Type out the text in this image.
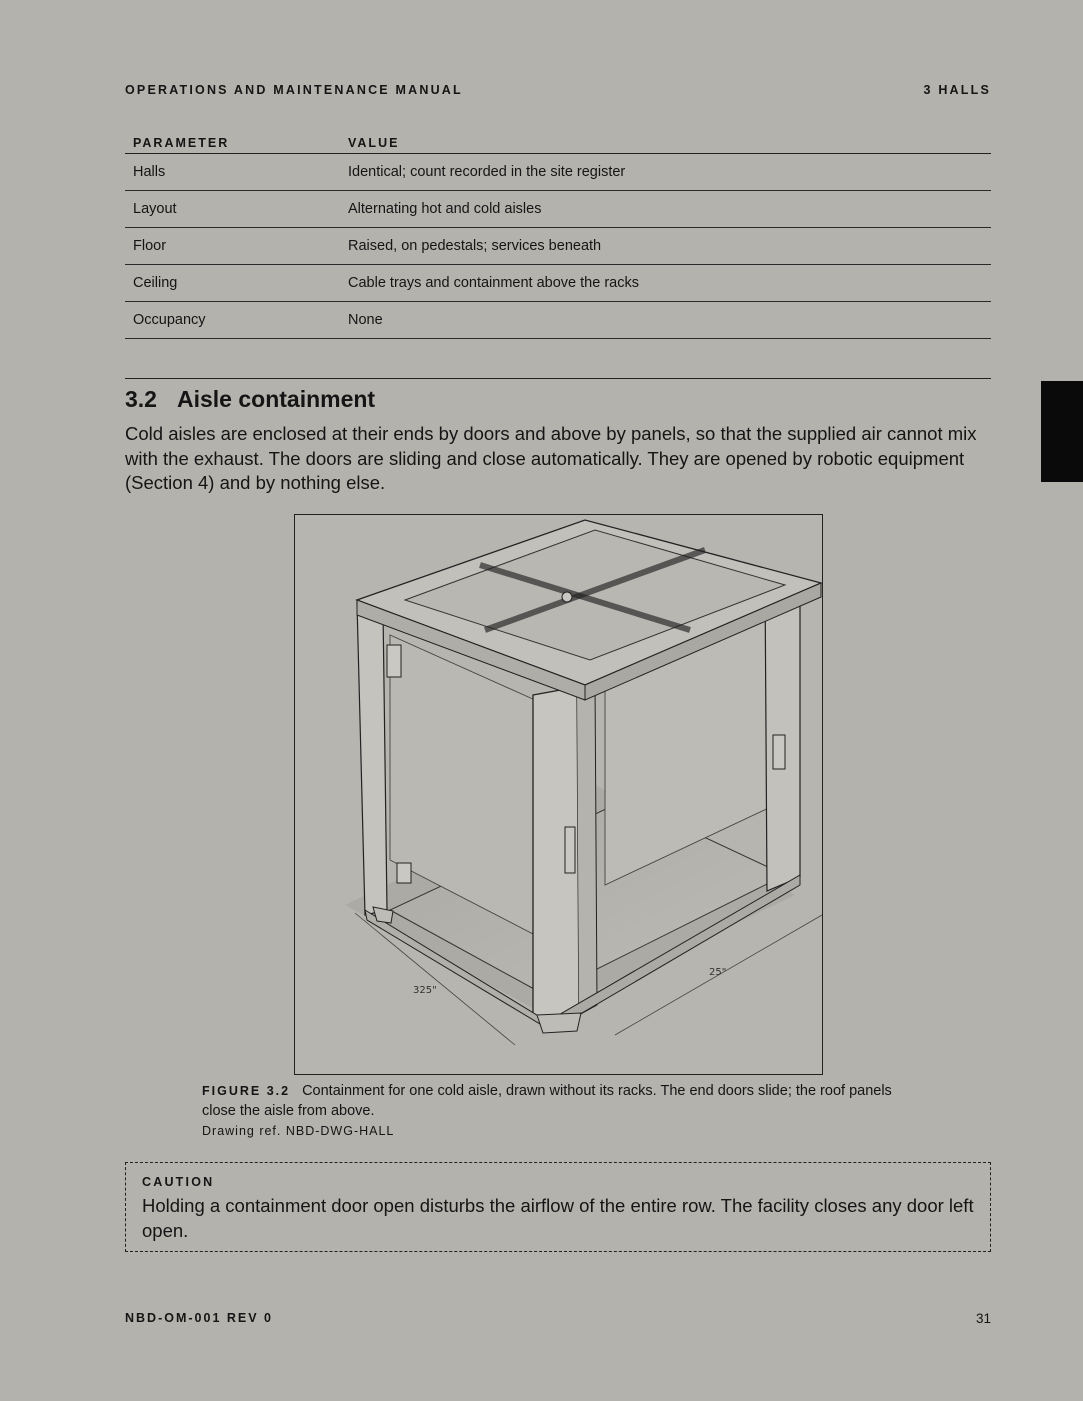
OPERATIONS AND MAINTENANCE MANUAL	3 HALLS
PARAMETER	VALUE
Halls	Identical; count recorded in the site register
Layout	Alternating hot and cold aisles
Floor	Raised, on pedestals; services beneath
Ceiling	Cable trays and containment above the racks
Occupancy	None
3.2 Aisle containment

Cold aisles are enclosed at their ends by doors and above by panels, so that the supplied air cannot mix with the exhaust. The doors are sliding and close automatically. They are opened by robotic equipment (Section 4) and by nothing else.

325"
25"
FIGURE 3.2 Containment for one cold aisle, drawn without its racks. The end doors slide; the roof panels close the aisle from above.
Drawing ref. NBD-DWG-HALL
CAUTION
Holding a containment door open disturbs the airflow of the entire row. The facility closes any door left open.
NBD-OM-001 REV 0	31
